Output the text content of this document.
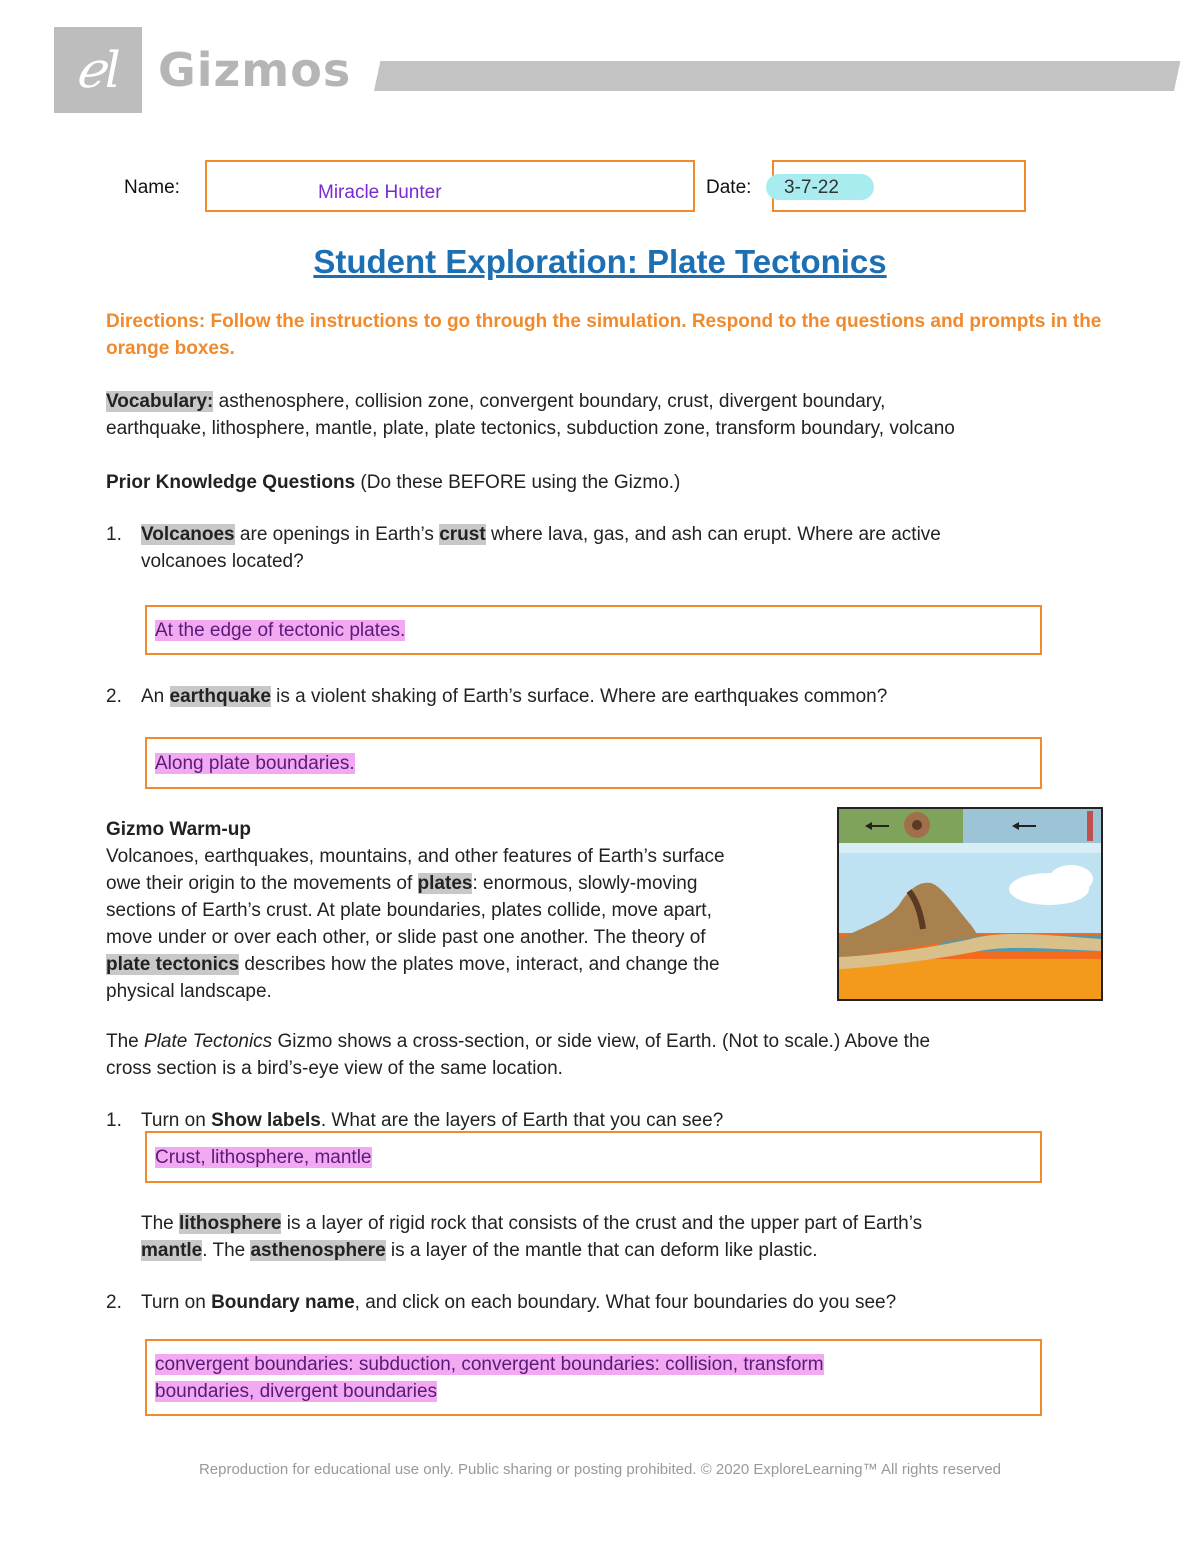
ℯl Gizmos
Name:	Miracle Hunter	Date: 3-7-22
Student Exploration: Plate Tectonics
Directions: Follow the instructions to go through the simulation. Respond to the questions and prompts in the orange boxes.
Vocabulary: asthenosphere, collision zone, convergent boundary, crust, divergent boundary,
earthquake, lithosphere, mantle, plate, plate tectonics, subduction zone, transform boundary, volcano
Prior Knowledge Questions (Do these BEFORE using the Gizmo.)
1. Volcanoes are openings in Earth’s crust where lava, gas, and ash can erupt. Where are active
volcanoes located?
At the edge of tectonic plates.
2. An earthquake is a violent shaking of Earth’s surface. Where are earthquakes common?
Along plate boundaries.
Gizmo Warm-up
Volcanoes, earthquakes, mountains, and other features of Earth’s surface
owe their origin to the movements of plates: enormous, slowly-moving
sections of Earth’s crust. At plate boundaries, plates collide, move apart,
move under or over each other, or slide past one another. The theory of
plate tectonics describes how the plates move, interact, and change the
physical landscape.
The Plate Tectonics Gizmo shows a cross-section, or side view, of Earth. (Not to scale.) Above the
cross section is a bird’s-eye view of the same location.
1. Turn on Show labels. What are the layers of Earth that you can see?
Crust, lithosphere, mantle
The lithosphere is a layer of rigid rock that consists of the crust and the upper part of Earth’s
mantle. The asthenosphere is a layer of the mantle that can deform like plastic.
2. Turn on Boundary name, and click on each boundary. What four boundaries do you see?
convergent boundaries: subduction, convergent boundaries: collision, transform
boundaries, divergent boundaries
Reproduction for educational use only. Public sharing or posting prohibited. © 2020 ExploreLearning™ All rights reserved
